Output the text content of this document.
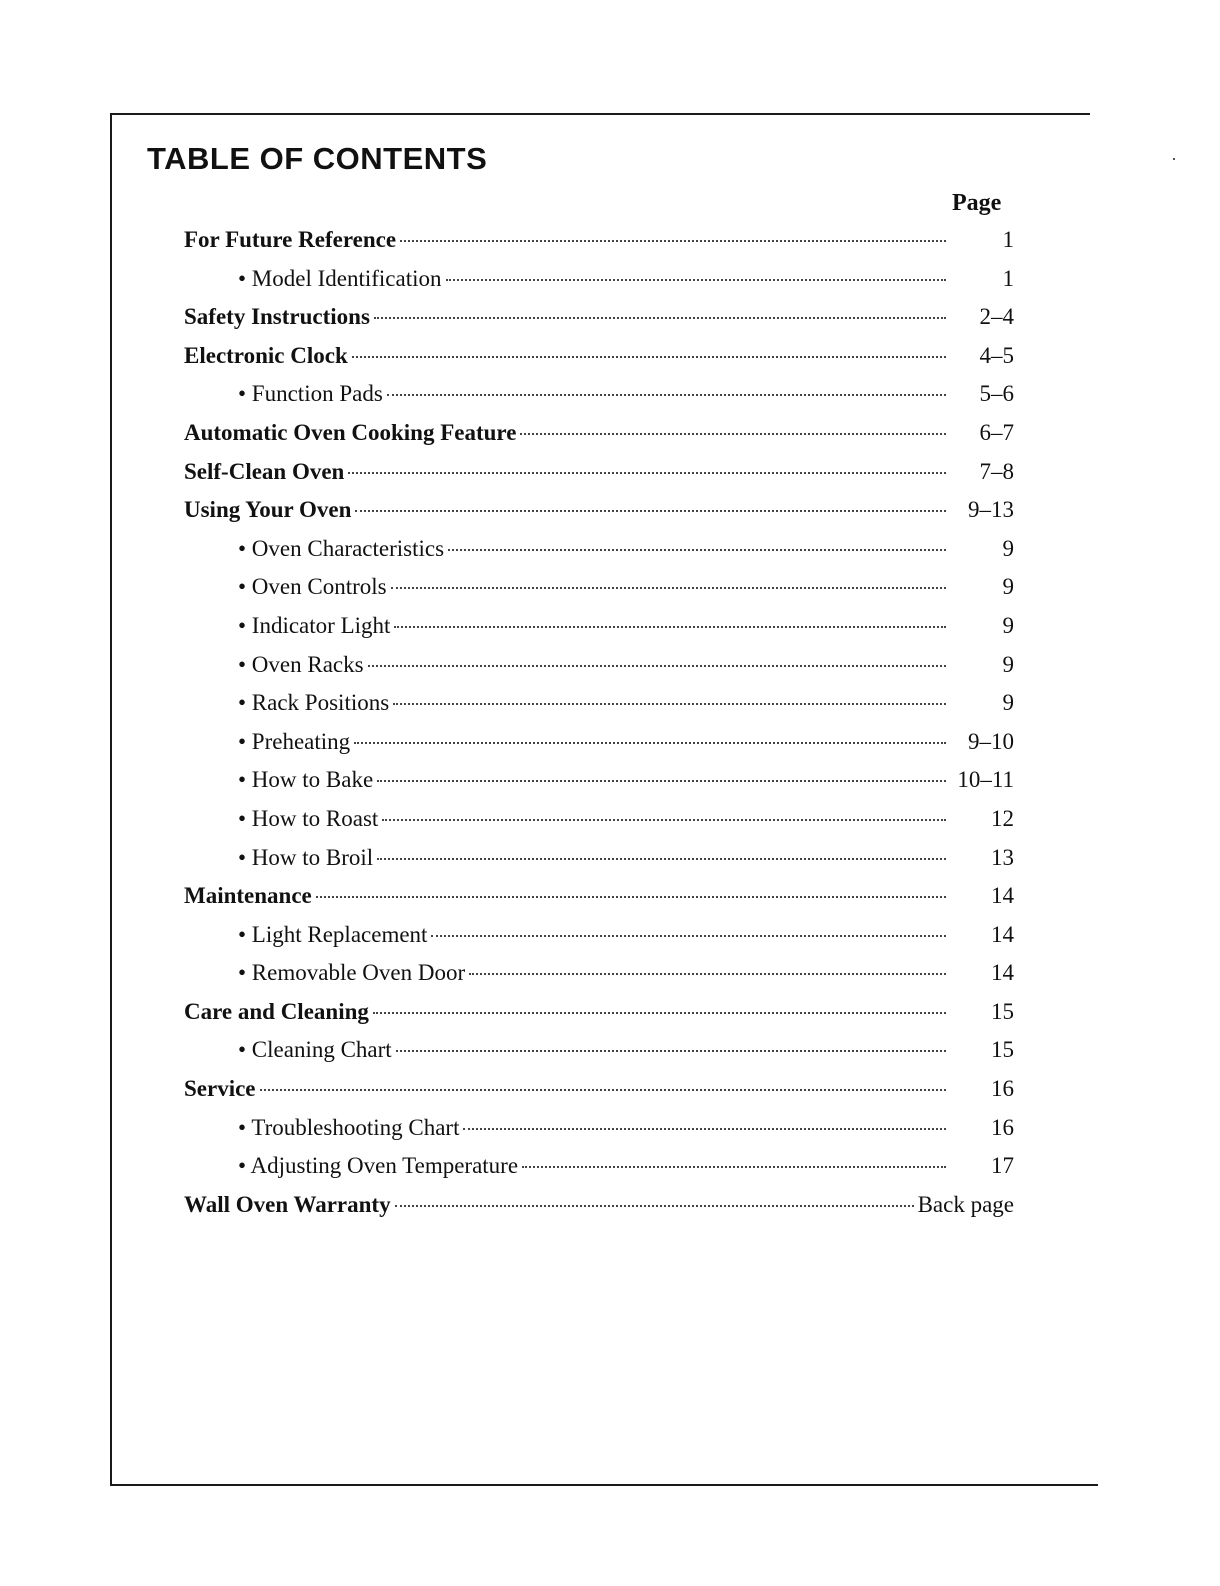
TABLE OF CONTENTS
Page
For Future Reference	1
• Model Identification	1
Safety Instructions	2–4
Electronic Clock	4–5
• Function Pads	5–6
Automatic Oven Cooking Feature	6–7
Self-Clean Oven	7–8
Using Your Oven	9–13
• Oven Characteristics	9
• Oven Controls	9
• Indicator Light	9
• Oven Racks	9
• Rack Positions	9
• Preheating	9–10
• How to Bake	10–11
• How to Roast	12
• How to Broil	13
Maintenance	14
• Light Replacement	14
• Removable Oven Door	14
Care and Cleaning	15
• Cleaning Chart	15
Service	16
• Troubleshooting Chart	16
• Adjusting Oven Temperature	17
Wall Oven Warranty	Back page
